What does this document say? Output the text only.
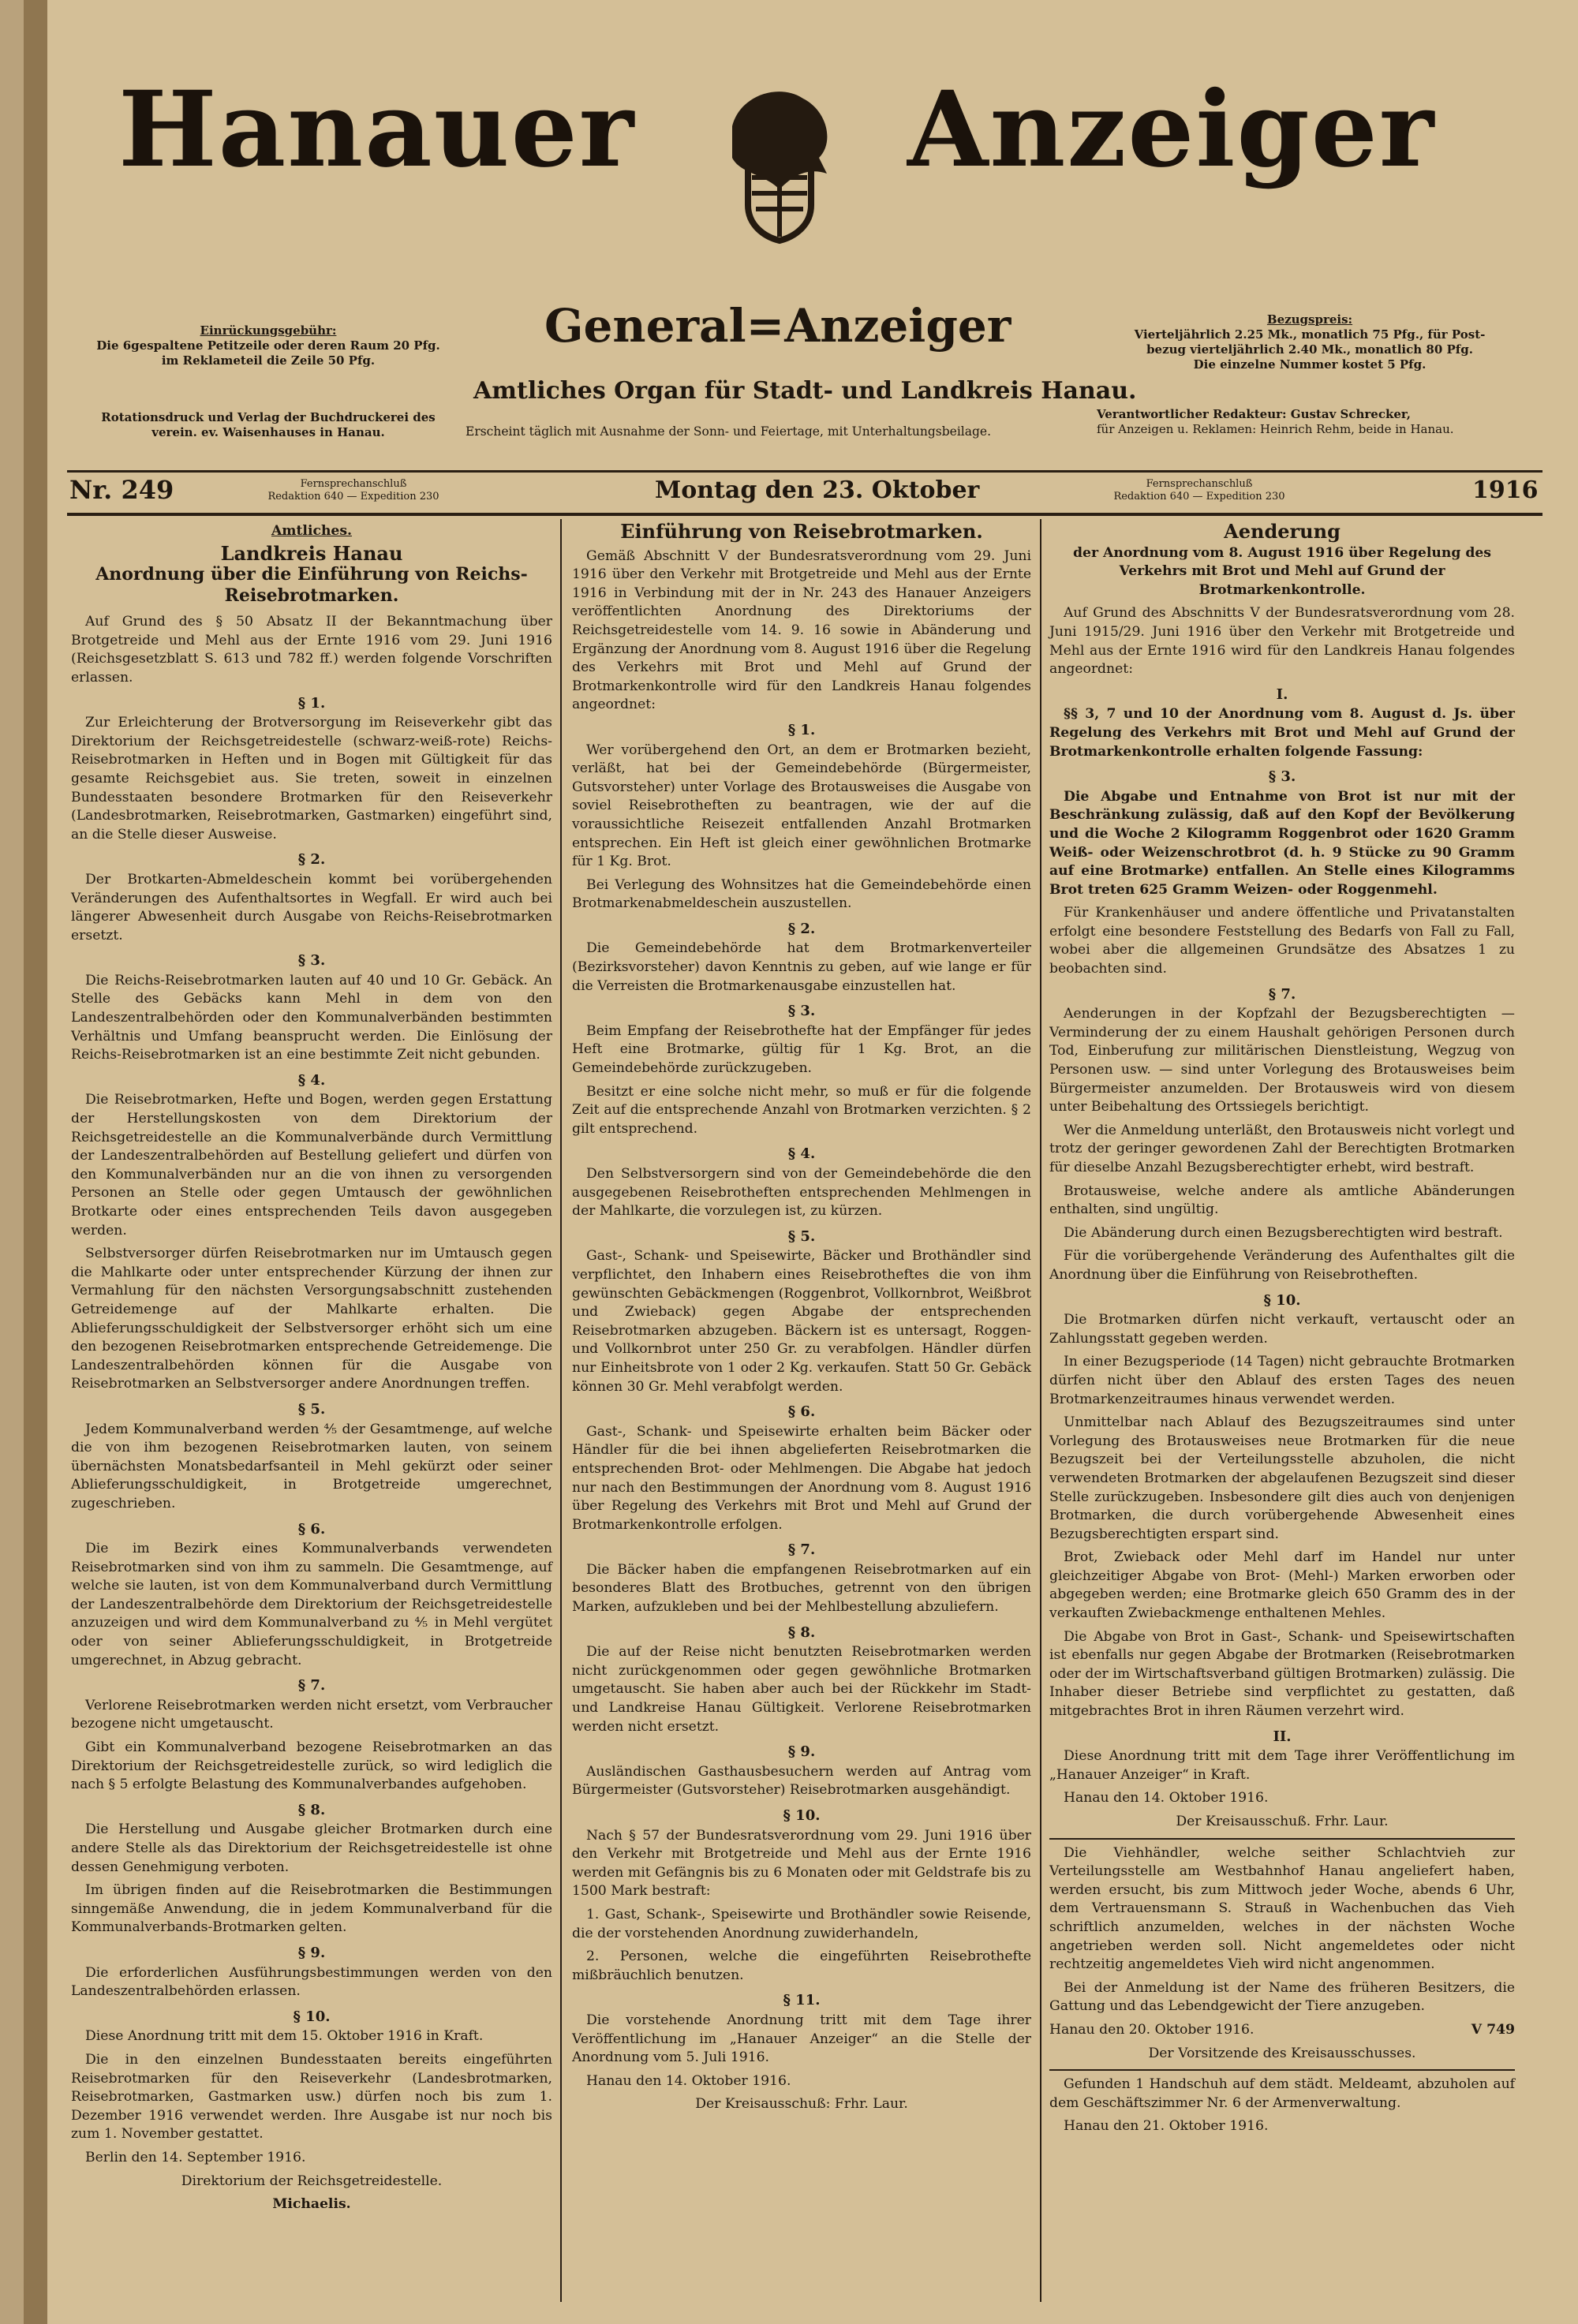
Hanauer	Anzeiger
General=Anzeiger
Amtliches Organ für Stadt- und Landkreis Hanau.
Erscheint täglich mit Ausnahme der Sonn- und Feiertage, mit Unterhaltungsbeilage.
Einrückungsgebühr:
Die 6gespaltene Petitzeile oder deren Raum 20 Pfg.
im Reklameteil die Zeile 50 Pfg.
Rotationsdruck und Verlag der Buchdruckerei des
verein. ev. Waisenhauses in Hanau.
Bezugspreis:
Vierteljährlich 2.25 Mk., monatlich 75 Pfg., für Post-
bezug vierteljährlich 2.40 Mk., monatlich 80 Pfg.
Die einzelne Nummer kostet 5 Pfg.
Verantwortlicher Redakteur: Gustav Schrecker,
für Anzeigen u. Reklamen: Heinrich Rehm, beide in Hanau.
Nr. 249	Fernsprechanschluß
Redaktion 640 — Expedition 230	Montag den 23. Oktober	Fernsprechanschluß
Redaktion 640 — Expedition 230	1916

Amtliches.

Landkreis Hanau
Anordnung über die Einführung von Reichs-Reisebrotmarken.

Auf Grund des § 50 Absatz II der Bekanntmachung über Brotgetreide und Mehl aus der Ernte 1916 vom 29. Juni 1916 (Reichsgesetzblatt S. 613 und 782 ff.) werden folgende Vorschriften erlassen.

§ 1.

Zur Erleichterung der Brotversorgung im Reiseverkehr gibt das Direktorium der Reichsgetreidestelle (schwarz-weiß-rote) Reichs-Reisebrotmarken in Heften und in Bogen mit Gültigkeit für das gesamte Reichsgebiet aus. Sie treten, soweit in einzelnen Bundesstaaten besondere Brotmarken für den Reiseverkehr (Landesbrotmarken, Reisebrotmarken, Gastmarken) eingeführt sind, an die Stelle dieser Ausweise.

§ 2.

Der Brotkarten-Abmeldeschein kommt bei vorübergehenden Veränderungen des Aufenthaltsortes in Wegfall. Er wird auch bei längerer Abwesenheit durch Ausgabe von Reichs-Reisebrotmarken ersetzt.

§ 3.

Die Reichs-Reisebrotmarken lauten auf 40 und 10 Gr. Gebäck. An Stelle des Gebäcks kann Mehl in dem von den Landeszentralbehörden oder den Kommunalverbänden bestimmten Verhältnis und Umfang beansprucht werden. Die Einlösung der Reichs-Reisebrotmarken ist an eine bestimmte Zeit nicht gebunden.

§ 4.

Die Reisebrotmarken, Hefte und Bogen, werden gegen Erstattung der Herstellungskosten von dem Direktorium der Reichsgetreidestelle an die Kommunalverbände durch Vermittlung der Landeszentralbehörden auf Bestellung geliefert und dürfen von den Kommunalverbänden nur an die von ihnen zu versorgenden Personen an Stelle oder gegen Umtausch der gewöhnlichen Brotkarte oder eines entsprechenden Teils davon ausgegeben werden.

Selbstversorger dürfen Reisebrotmarken nur im Umtausch gegen die Mahlkarte oder unter entsprechender Kürzung der ihnen zur Vermahlung für den nächsten Versorgungsabschnitt zustehenden Getreidemenge auf der Mahlkarte erhalten. Die Ablieferungsschuldigkeit der Selbstversorger erhöht sich um eine den bezogenen Reisebrotmarken entsprechende Getreidemenge. Die Landeszentralbehörden können für die Ausgabe von Reisebrotmarken an Selbstversorger andere Anordnungen treffen.

§ 5.

Jedem Kommunalverband werden ⅘ der Gesamtmenge, auf welche die von ihm bezogenen Reisebrotmarken lauten, von seinem übernächsten Monatsbedarfsanteil in Mehl gekürzt oder seiner Ablieferungsschuldigkeit, in Brotgetreide umgerechnet, zugeschrieben.

§ 6.

Die im Bezirk eines Kommunalverbands verwendeten Reisebrotmarken sind von ihm zu sammeln. Die Gesamtmenge, auf welche sie lauten, ist von dem Kommunalverband durch Vermittlung der Landeszentralbehörde dem Direktorium der Reichsgetreidestelle anzuzeigen und wird dem Kommunalverband zu ⅘ in Mehl vergütet oder von seiner Ablieferungsschuldigkeit, in Brotgetreide umgerechnet, in Abzug gebracht.

§ 7.

Verlorene Reisebrotmarken werden nicht ersetzt, vom Verbraucher bezogene nicht umgetauscht.

Gibt ein Kommunalverband bezogene Reisebrotmarken an das Direktorium der Reichsgetreidestelle zurück, so wird lediglich die nach § 5 erfolgte Belastung des Kommunalverbandes aufgehoben.

§ 8.

Die Herstellung und Ausgabe gleicher Brotmarken durch eine andere Stelle als das Direktorium der Reichsgetreidestelle ist ohne dessen Genehmigung verboten.

Im übrigen finden auf die Reisebrotmarken die Bestimmungen sinngemäße Anwendung, die in jedem Kommunalverband für die Kommunalverbands-Brotmarken gelten.

§ 9.

Die erforderlichen Ausführungsbestimmungen werden von den Landeszentralbehörden erlassen.

§ 10.

Diese Anordnung tritt mit dem 15. Oktober 1916 in Kraft.

Die in den einzelnen Bundesstaaten bereits eingeführten Reisebrotmarken für den Reiseverkehr (Landesbrotmarken, Reisebrotmarken, Gastmarken usw.) dürfen noch bis zum 1. Dezember 1916 verwendet werden. Ihre Ausgabe ist nur noch bis zum 1. November gestattet.

Berlin den 14. September 1916.

Direktorium der Reichsgetreidestelle.

Michaelis.

Einführung von Reisebrotmarken.

Gemäß Abschnitt V der Bundesratsverordnung vom 29. Juni 1916 über den Verkehr mit Brotgetreide und Mehl aus der Ernte 1916 in Verbindung mit der in Nr. 243 des Hanauer Anzeigers veröffentlichten Anordnung des Direktoriums der Reichsgetreidestelle vom 14. 9. 16 sowie in Abänderung und Ergänzung der Anordnung vom 8. August 1916 über die Regelung des Verkehrs mit Brot und Mehl auf Grund der Brotmarkenkontrolle wird für den Landkreis Hanau folgendes angeordnet:

§ 1.

Wer vorübergehend den Ort, an dem er Brotmarken bezieht, verläßt, hat bei der Gemeindebehörde (Bürgermeister, Gutsvorsteher) unter Vorlage des Brotausweises die Ausgabe von soviel Reisebrotheften zu beantragen, wie der auf die voraussichtliche Reisezeit entfallenden Anzahl Brotmarken entsprechen. Ein Heft ist gleich einer gewöhnlichen Brotmarke für 1 Kg. Brot.

Bei Verlegung des Wohnsitzes hat die Gemeindebehörde einen Brotmarkenabmeldeschein auszustellen.

§ 2.

Die Gemeindebehörde hat dem Brotmarkenverteiler (Bezirksvorsteher) davon Kenntnis zu geben, auf wie lange er für die Verreisten die Brotmarkenausgabe einzustellen hat.

§ 3.

Beim Empfang der Reisebrothefte hat der Empfänger für jedes Heft eine Brotmarke, gültig für 1 Kg. Brot, an die Gemeindebehörde zurückzugeben.

Besitzt er eine solche nicht mehr, so muß er für die folgende Zeit auf die entsprechende Anzahl von Brotmarken verzichten. § 2 gilt entsprechend.

§ 4.

Den Selbstversorgern sind von der Gemeindebehörde die den ausgegebenen Reisebrotheften entsprechenden Mehlmengen in der Mahlkarte, die vorzulegen ist, zu kürzen.

§ 5.

Gast-, Schank- und Speisewirte, Bäcker und Brothändler sind verpflichtet, den Inhabern eines Reisebrotheftes die von ihm gewünschten Gebäckmengen (Roggenbrot, Vollkornbrot, Weißbrot und Zwieback) gegen Abgabe der entsprechenden Reisebrotmarken abzugeben. Bäckern ist es untersagt, Roggen- und Vollkornbrot unter 250 Gr. zu verabfolgen. Händler dürfen nur Einheitsbrote von 1 oder 2 Kg. verkaufen. Statt 50 Gr. Gebäck können 30 Gr. Mehl verabfolgt werden.

§ 6.

Gast-, Schank- und Speisewirte erhalten beim Bäcker oder Händler für die bei ihnen abgelieferten Reisebrotmarken die entsprechenden Brot- oder Mehlmengen. Die Abgabe hat jedoch nur nach den Bestimmungen der Anordnung vom 8. August 1916 über Regelung des Verkehrs mit Brot und Mehl auf Grund der Brotmarkenkontrolle erfolgen.

§ 7.

Die Bäcker haben die empfangenen Reisebrotmarken auf ein besonderes Blatt des Brotbuches, getrennt von den übrigen Marken, aufzukleben und bei der Mehlbestellung abzuliefern.

§ 8.

Die auf der Reise nicht benutzten Reisebrotmarken werden nicht zurückgenommen oder gegen gewöhnliche Brotmarken umgetauscht. Sie haben aber auch bei der Rückkehr im Stadt- und Landkreise Hanau Gültigkeit. Verlorene Reisebrotmarken werden nicht ersetzt.

§ 9.

Ausländischen Gasthausbesuchern werden auf Antrag vom Bürgermeister (Gutsvorsteher) Reisebrotmarken ausgehändigt.

§ 10.

Nach § 57 der Bundesratsverordnung vom 29. Juni 1916 über den Verkehr mit Brotgetreide und Mehl aus der Ernte 1916 werden mit Gefängnis bis zu 6 Monaten oder mit Geldstrafe bis zu 1500 Mark bestraft:

1. Gast, Schank-, Speisewirte und Brothändler sowie Reisende, die der vorstehenden Anordnung zuwiderhandeln,

2. Personen, welche die eingeführten Reisebrothefte mißbräuchlich benutzen.

§ 11.

Die vorstehende Anordnung tritt mit dem Tage ihrer Veröffentlichung im „Hanauer Anzeiger“ an die Stelle der Anordnung vom 5. Juli 1916.

Hanau den 14. Oktober 1916.

Der Kreisausschuß: Frhr. Laur.

Aenderung

der Anordnung vom 8. August 1916 über Regelung des Verkehrs mit Brot und Mehl auf Grund der Brotmarkenkontrolle.

Auf Grund des Abschnitts V der Bundesratsverordnung vom 28. Juni 1915/29. Juni 1916 über den Verkehr mit Brotgetreide und Mehl aus der Ernte 1916 wird für den Landkreis Hanau folgendes angeordnet:

I.

§§ 3, 7 und 10 der Anordnung vom 8. August d. Js. über Regelung des Verkehrs mit Brot und Mehl auf Grund der Brotmarkenkontrolle erhalten folgende Fassung:

§ 3.

Die Abgabe und Entnahme von Brot ist nur mit der Beschränkung zulässig, daß auf den Kopf der Bevölkerung und die Woche 2 Kilogramm Roggenbrot oder 1620 Gramm Weiß- oder Weizenschrotbrot (d. h. 9 Stücke zu 90 Gramm auf eine Brotmarke) entfallen. An Stelle eines Kilogramms Brot treten 625 Gramm Weizen- oder Roggenmehl.

Für Krankenhäuser und andere öffentliche und Privatanstalten erfolgt eine besondere Feststellung des Bedarfs von Fall zu Fall, wobei aber die allgemeinen Grundsätze des Absatzes 1 zu beobachten sind.

§ 7.

Aenderungen in der Kopfzahl der Bezugsberechtigten — Verminderung der zu einem Haushalt gehörigen Personen durch Tod, Einberufung zur militärischen Dienstleistung, Wegzug von Personen usw. — sind unter Vorlegung des Brotausweises beim Bürgermeister anzumelden. Der Brotausweis wird von diesem unter Beibehaltung des Ortssiegels berichtigt.

Wer die Anmeldung unterläßt, den Brotausweis nicht vorlegt und trotz der geringer gewordenen Zahl der Berechtigten Brotmarken für dieselbe Anzahl Bezugsberechtigter erhebt, wird bestraft.

Brotausweise, welche andere als amtliche Abänderungen enthalten, sind ungültig.

Die Abänderung durch einen Bezugsberechtigten wird bestraft.

Für die vorübergehende Veränderung des Aufenthaltes gilt die Anordnung über die Einführung von Reisebrotheften.

§ 10.

Die Brotmarken dürfen nicht verkauft, vertauscht oder an Zahlungsstatt gegeben werden.

In einer Bezugsperiode (14 Tagen) nicht gebrauchte Brotmarken dürfen nicht über den Ablauf des ersten Tages des neuen Brotmarkenzeitraumes hinaus verwendet werden.

Unmittelbar nach Ablauf des Bezugszeitraumes sind unter Vorlegung des Brotausweises neue Brotmarken für die neue Bezugszeit bei der Verteilungsstelle abzuholen, die nicht verwendeten Brotmarken der abgelaufenen Bezugszeit sind dieser Stelle zurückzugeben. Insbesondere gilt dies auch von denjenigen Brotmarken, die durch vorübergehende Abwesenheit eines Bezugsberechtigten erspart sind.

Brot, Zwieback oder Mehl darf im Handel nur unter gleichzeitiger Abgabe von Brot- (Mehl-) Marken erworben oder abgegeben werden; eine Brotmarke gleich 650 Gramm des in der verkauften Zwiebackmenge enthaltenen Mehles.

Die Abgabe von Brot in Gast-, Schank- und Speisewirtschaften ist ebenfalls nur gegen Abgabe der Brotmarken (Reisebrotmarken oder der im Wirtschaftsverband gültigen Brotmarken) zulässig. Die Inhaber dieser Betriebe sind verpflichtet zu gestatten, daß mitgebrachtes Brot in ihren Räumen verzehrt wird.

II.

Diese Anordnung tritt mit dem Tage ihrer Veröffentlichung im „Hanauer Anzeiger“ in Kraft.

Hanau den 14. Oktober 1916.

Der Kreisausschuß. Frhr. Laur.

Die Viehhändler, welche seither Schlachtvieh zur Verteilungsstelle am Westbahnhof Hanau angeliefert haben, werden ersucht, bis zum Mittwoch jeder Woche, abends 6 Uhr, dem Vertrauensmann S. Strauß in Wachenbuchen das Vieh schriftlich anzumelden, welches in der nächsten Woche angetrieben werden soll. Nicht angemeldetes oder nicht rechtzeitig angemeldetes Vieh wird nicht angenommen.

Bei der Anmeldung ist der Name des früheren Besitzers, die Gattung und das Lebendgewicht der Tiere anzugeben.

Hanau den 20. Oktober 1916.	V 749

Der Vorsitzende des Kreisausschusses.

Gefunden 1 Handschuh auf dem städt. Meldeamt, abzuholen auf dem Geschäftszimmer Nr. 6 der Armenverwaltung.

Hanau den 21. Oktober 1916.
